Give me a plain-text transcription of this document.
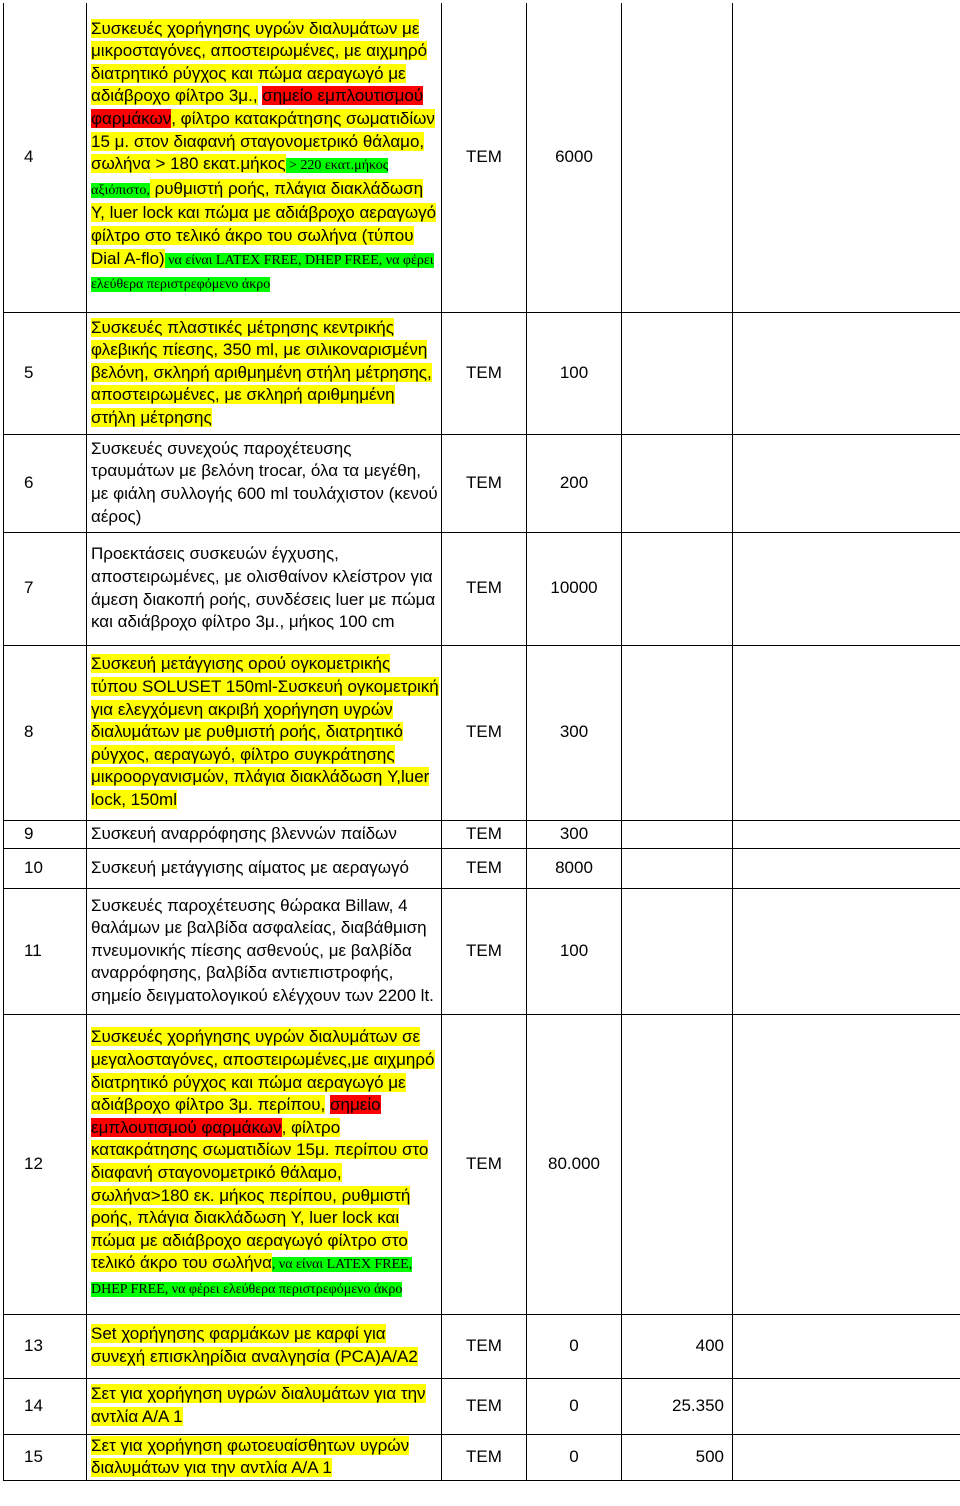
4	Συσκευές χορήγησης υγρών διαλυμάτων με μικροσταγόνες, αποστειρωμένες, με αιχμηρό διατρητικό ρύγχος και πώμα αεραγωγό με αδιάβροχο φίλτρο 3μ., σημείο εμπλουτισμού φαρμάκων, φίλτρο κατακράτησης σωματιδίων 15 μ. στον διαφανή σταγονομετρικό θάλαμο, σωλήνα > 180 εκατ.μήκος > 220 εκατ.μήκος αξιόπιστο, ρυθμιστή ροής, πλάγια διακλάδωση Υ, luer lock και πώμα με αδιάβροχο αεραγωγό φίλτρο στο τελικό άκρο του σωλήνα (τύπου Dial A-flo) να είναι LATEX FREE, DHEP FREE, να φέρει ελεύθερα περιστρεφόμενο άκρο	ΤΕΜ	6000		
5	Συσκευές πλαστικές μέτρησης κεντρικής φλεβικής πίεσης, 350 ml, με σιλικοναρισμένη βελόνη, σκληρή αριθμημένη στήλη μέτρησης, αποστειρωμένες, με σκληρή αριθμημένη στήλη μέτρησης	ΤΕΜ	100		
6	Συσκευές συνεχούς παροχέτευσης τραυμάτων με βελόνη trocar, όλα τα μεγέθη, με φιάλη συλλογής 600 ml τουλάχιστον (κενού αέρος)	ΤΕΜ	200		
7	Προεκτάσεις συσκευών έγχυσης, αποστειρωμένες, με ολισθαίνον κλείστρον για άμεση διακοπή ροής, συνδέσεις luer με πώμα και αδιάβροχο φίλτρο 3μ., μήκος 100 cm	ΤΕΜ	10000		
8	Συσκευή μετάγγισης ορού ογκομετρικής τύπου SOLUSET 150ml-Συσκευή ογκομετρική για ελεγχόμενη ακριβή χορήγηση υγρών διαλυμάτων με ρυθμιστή ροής, διατρητικό ρύγχος, αεραγωγό, φίλτρο συγκράτησης μικροοργανισμών, πλάγια διακλάδωση Y,luer lock, 150ml	ΤΕΜ	300		
9	Συσκευή αναρρόφησης βλεννών παίδων	ΤΕΜ	300		
10	Συσκευή μετάγγισης αίματος με αεραγωγό	ΤΕΜ	8000		
11	Συσκευές παροχέτευσης θώρακα Billaw, 4 θαλάμων με βαλβίδα ασφαλείας, διαβάθμιση πνευμονικής πίεσης ασθενούς, με βαλβίδα αναρρόφησης, βαλβίδα αντιεπιστροφής, σημείο δειγματολογικού ελέγχουν των 2200 lt.	ΤΕΜ	100		
12	Συσκευές χορήγησης υγρών διαλυμάτων σε μεγαλοσταγόνες, αποστειρωμένες,με αιχμηρό διατρητικό ρύγχος και πώμα αεραγωγό με αδιάβροχο φίλτρο 3μ. περίπου, σημείο εμπλουτισμού φαρμάκων, φίλτρο κατακράτησης σωματιδίων 15μ. περίπου στο διαφανή σταγονομετρικό θάλαμο, σωλήνα>180 εκ. μήκος περίπου, ρυθμιστή ροής, πλάγια διακλάδωση Υ, luer lock και πώμα με αδιάβροχο αεραγωγό φίλτρο στο τελικό άκρο του σωλήνα, να είναι LATEX FREE, DHEP FREE, να φέρει ελεύθερα περιστρεφόμενο άκρο	ΤΕΜ	80.000		
13	Set χορήγησης φαρμάκων με καρφί για συνεχή επισκληρίδια αναλγησία (PCA)A/A2	ΤΕΜ	0	400	
14	Σετ για χορήγηση υγρών διαλυμάτων για την αντλία Α/Α 1	ΤΕΜ	0	25.350	
15	Σετ για χορήγηση φωτοευαίσθητων υγρών διαλυμάτων για την αντλία Α/Α 1	ΤΕΜ	0	500	
